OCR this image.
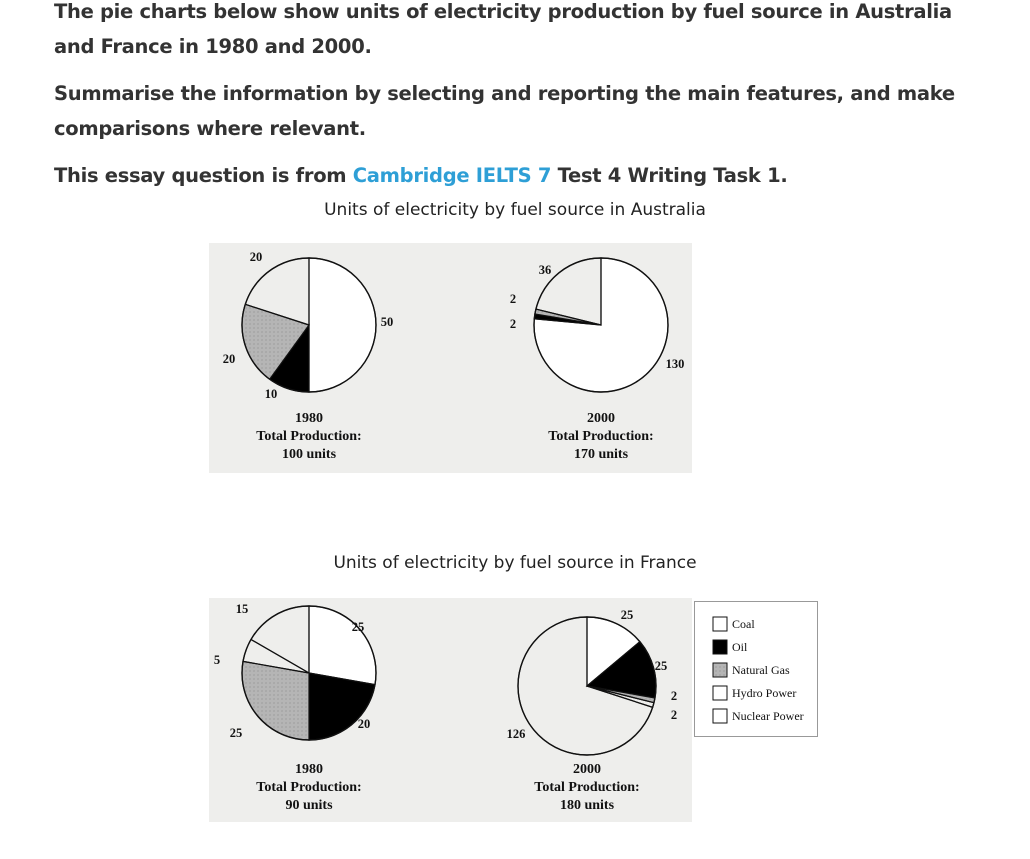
The pie charts below show units of electricity production by fuel source in Australia and France in 1980 and 2000.

Summarise the information by selecting and reporting the main features, and make comparisons where relevant.

This essay question is from Cambridge IELTS 7 Test 4 Writing Task 1.

Units of electricity by fuel source in Australia

50
10
20
20
1980
Total Production:
100 units
130
2
2
36
2000
Total Production:
170 units

Units of electricity by fuel source in France

25
20
25
5
15
1980
Total Production:
90 units
25
25
2
2
126
2000
Total Production:
180 units
Coal
Oil
Natural Gas
Hydro Power
Nuclear Power
